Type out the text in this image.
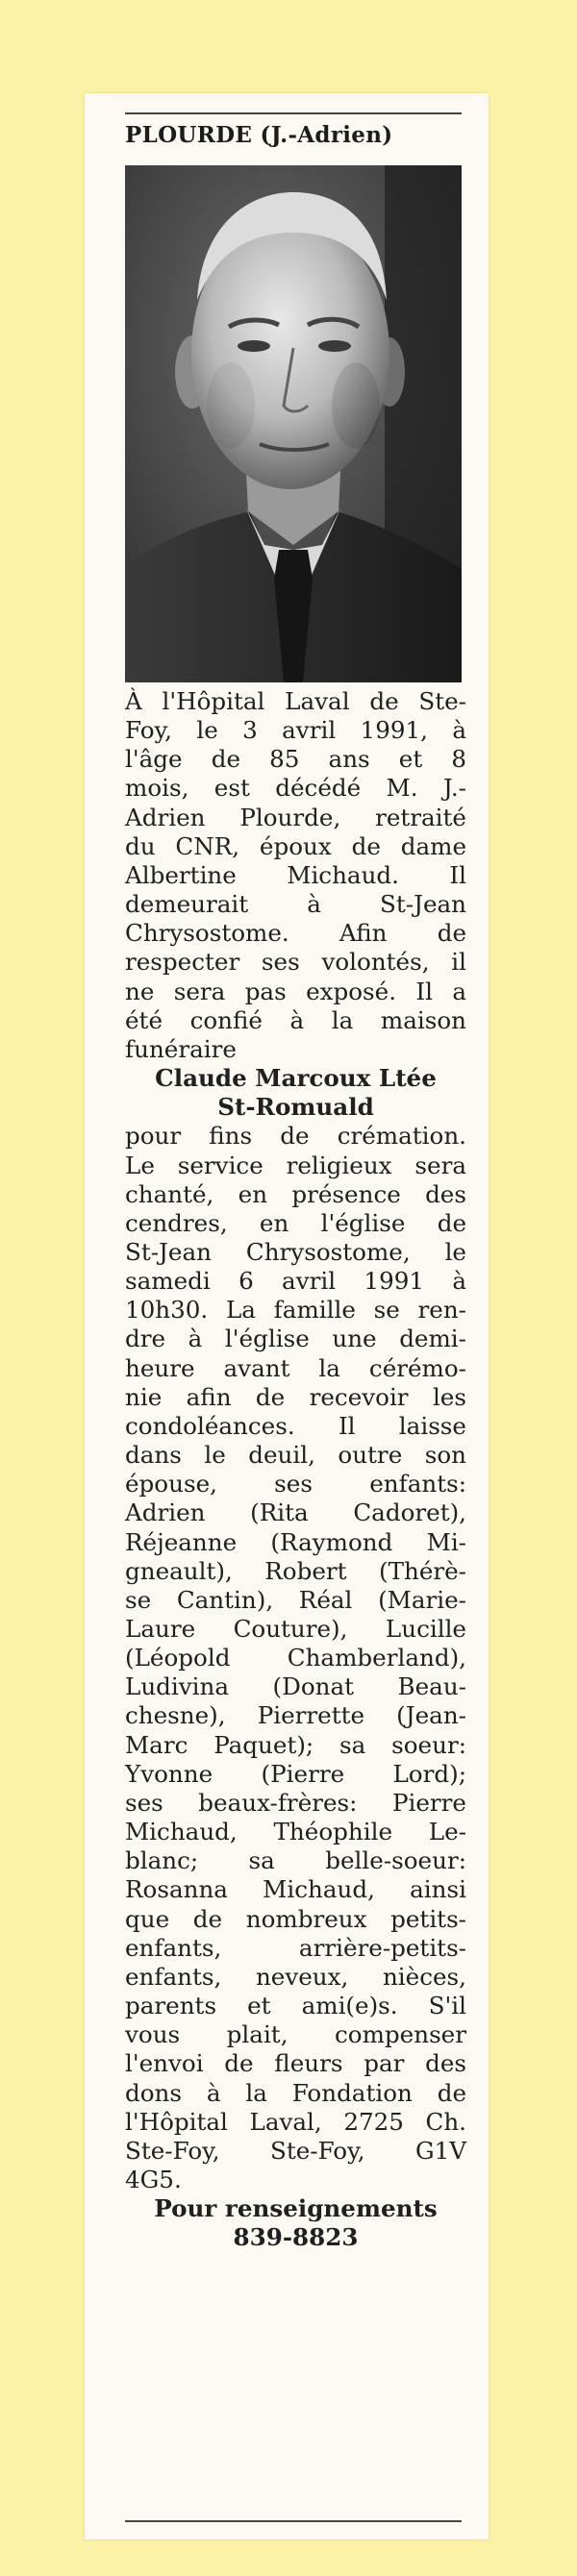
PLOURDE (J.-Adrien)
À l'Hôpital Laval de Ste-
Foy, le 3 avril 1991, à
l'âge de 85 ans et 8
mois, est décédé M. J.-
Adrien Plourde, retraité
du CNR, époux de dame
Albertine Michaud. Il
demeurait à St-Jean
Chrysostome. Afin de
respecter ses volontés, il
ne sera pas exposé. Il a
été confié à la maison
funéraire
Claude Marcoux Ltée
St-Romuald
pour fins de crémation.
Le service religieux sera
chanté, en présence des
cendres, en l'église de
St-Jean Chrysostome, le
samedi 6 avril 1991 à
10h30. La famille se ren-
dre à l'église une demi-
heure avant la cérémo-
nie afin de recevoir les
condoléances. Il laisse
dans le deuil, outre son
épouse, ses enfants:
Adrien (Rita Cadoret),
Réjeanne (Raymond Mi-
gneault), Robert (Thérè-
se Cantin), Réal (Marie-
Laure Couture), Lucille
(Léopold Chamberland),
Ludivina (Donat Beau-
chesne), Pierrette (Jean-
Marc Paquet); sa soeur:
Yvonne (Pierre Lord);
ses beaux-frères: Pierre
Michaud, Théophile Le-
blanc; sa belle-soeur:
Rosanna Michaud, ainsi
que de nombreux petits-
enfants, arrière-petits-
enfants, neveux, nièces,
parents et ami(e)s. S'il
vous plait, compenser
l'envoi de fleurs par des
dons à la Fondation de
l'Hôpital Laval, 2725 Ch.
Ste-Foy, Ste-Foy, G1V
4G5.
Pour renseignements
839-8823
